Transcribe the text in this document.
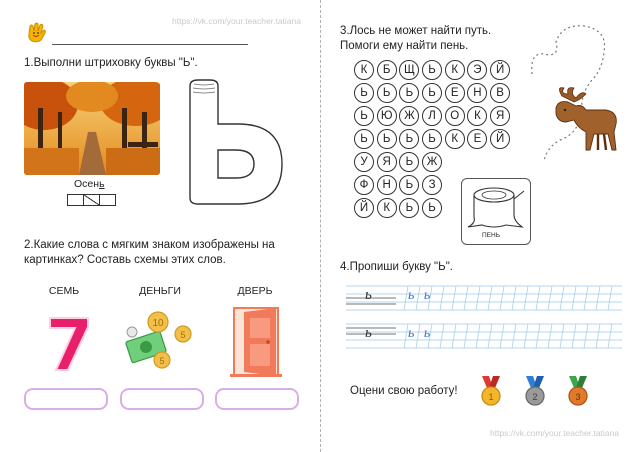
https://vk.com/your.teacher.tatiana
https://vk.com/your.teacher.tatiana
1.Выполни штриховку буквы "Ь".
Осень
2.Какие слова с мягким знаком изображены на
картинках? Составь схемы этих слов.
СЕМЬ	ДЕНЬГИ	ДВЕРЬ
10
5
5
3.Лось не может найти путь.
Помоги ему найти пень.
К	Б	Щ	Ь	К	Э	Й
Ь	Ь	Ь	Ь	Е	Н	В
Ь	Ю	Ж	Л	О	К	Я
Ь	Ь	Ь	Ь	К	Е	Й
У	Я	Ь	Ж
Ф	Н	Ь	З
Й	К	Ь	Ь
ПЕНЬ
4.Пропиши букву "Ь".
ь
ь
ь ь
ь ь
Оцени свою работу!	1	2	3
